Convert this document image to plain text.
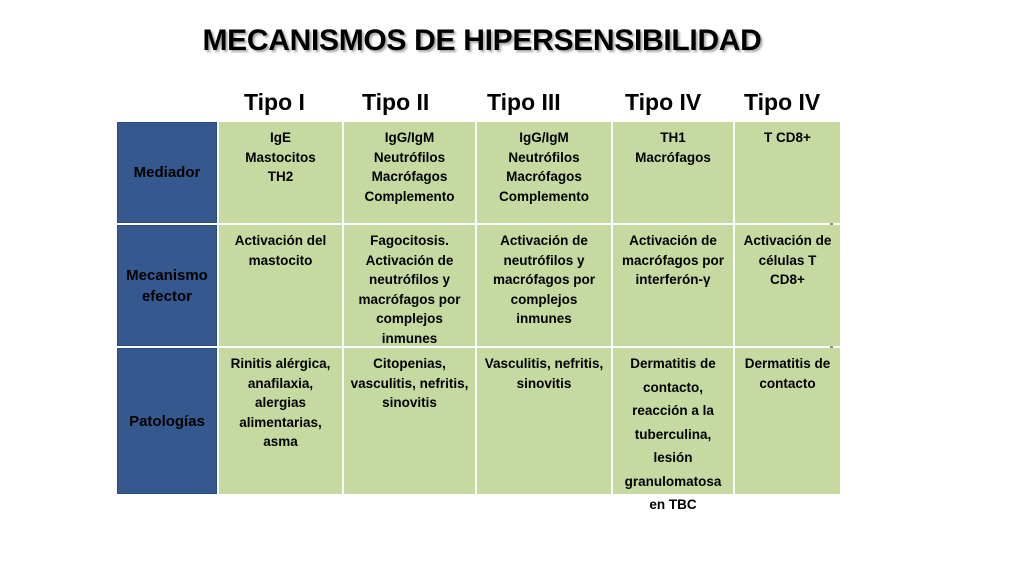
MECANISMOS DE HIPERSENSIBILIDAD
Tipo I Tipo II	Tipo III	Tipo IV Tipo IV
Mediador
IgE
Mastocitos
TH2
IgG/IgM
Neutrófilos
Macrófagos
Complemento
IgG/IgM
Neutrófilos
Macrófagos
Complemento
TH1
Macrófagos
T CD8+
Mecanismo
efector
Activación del
mastocito
Fagocitosis.
Activación de
neutrófilos y
macrófagos por
complejos
inmunes
Activación de
neutrófilos y
macrófagos por
complejos
inmunes
Activación de
macrófagos por
interferón-γ
Activación de
células T
CD8+
Patologías
Rinitis alérgica,
anafilaxia,
alergias
alimentarias,
asma
Citopenias,
vasculitis, nefritis,
sinovitis
Vasculitis, nefritis,
sinovitis
Dermatitis de
contacto,
reacción a la
tuberculina,
lesión
granulomatosa
en TBC
Dermatitis de
contacto
